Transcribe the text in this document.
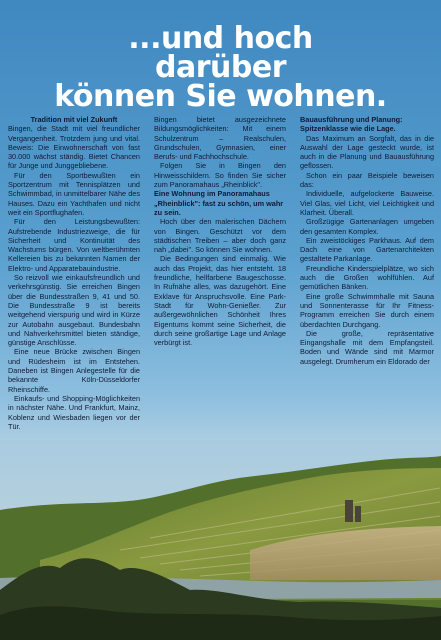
...und hoch
darüber
können Sie wohnen.
Tradition mit viel Zukunft

Bingen, die Stadt mit viel freundlicher Vergangenheit. Trotzdem jung und vital. Beweis: Die Einwohnerschaft von fast 30.000 wächst ständig. Bietet Chancen für Junge und Junggebliebene.

Für den Sportbewußten ein Sportzentrum mit Tennisplätzen und Schwimmbad, in unmittelbarer Nähe des Hauses. Dazu ein Yachthafen und nicht weit ein Sportflughafen.

Für den Leistungsbewußten: Aufstrebende Industriezweige, die für Sicherheit und Kontinuität des Wachstums bürgen. Von weltberühmten Kellereien bis zu bekannten Namen der Elektro- und Apparatebauindustrie.

So reizvoll wie einkaufsfreundlich und verkehrsgünstig. Sie erreichen Bingen über die Bundesstraßen 9, 41 und 50. Die Bundesstraße 9 ist bereits weitgehend vierspurig und wird in Kürze zur Autobahn ausgebaut. Bundesbahn und Nahverkehrsmittel bieten ständige, günstige Anschlüsse.

Eine neue Brücke zwischen Bingen und Rüdesheim ist im Entstehen. Daneben ist Bingen Anlegestelle für die bekannte Köln-Düsseldorfer Rheinschiffe.

Einkaufs- und Shopping-Möglichkeiten in nächster Nähe. Und Frankfurt, Mainz, Koblenz und Wiesbaden liegen vor der Tür.

Bingen bietet ausgezeichnete Bildungsmöglichkeiten: Mit einem Schulzentrum – Realschulen, Grundschulen, Gymnasien, einer Berufs- und Fachhochschule.

Folgen Sie in Bingen den Hinweisschildern. So finden Sie sicher zum Panoramahaus „Rheinblick".

Eine Wohnung im Panoramahaus „Rheinblick": fast zu schön, um wahr zu sein.

Hoch über den malerischen Dächern von Bingen. Geschützt vor dem städtischen Treiben – aber doch ganz nah „dabei". So können Sie wohnen.

Die Bedingungen sind einmalig. Wie auch das Projekt, das hier entsteht. 18 freundliche, hellfarbene Baugeschosse. In Rufnähe alles, was dazugehört. Eine Exklave für Anspruchsvolle. Eine Park-Stadt für Wohn-Genießer. Zur außergewöhnlichen Schönheit Ihres Eigentums kommt seine Sicherheit, die durch seine großartige Lage und Anlage verbürgt ist.

Bauausführung und Planung: Spitzenklasse wie die Lage.

Das Maximum an Sorgfalt, das in die Auswahl der Lage gesteckt wurde, ist auch in die Planung und Bauausführung geflossen.

Schon ein paar Beispiele beweisen das:

Individuelle, aufgelockerte Bauweise. Viel Glas, viel Licht, viel Leichtigkeit und Klarheit. Überall.

Großzügige Gartenanlagen umgeben den gesamten Komplex.

Ein zweistöckiges Parkhaus. Auf dem Dach eine von Gartenarchitekten gestaltete Parkanlage.

Freundliche Kinderspielplätze, wo sich auch die Großen wohlfühlen. Auf gemütlichen Bänken.

Eine große Schwimmhalle mit Sauna und Sonnenterasse für Ihr Fitness-Programm erreichen Sie durch einem überdachten Durchgang.

Die große, repräsentative Eingangshalle mit dem Empfangsteil. Boden und Wände sind mit Marmor ausgelegt. Drumherum ein Eldorado der
